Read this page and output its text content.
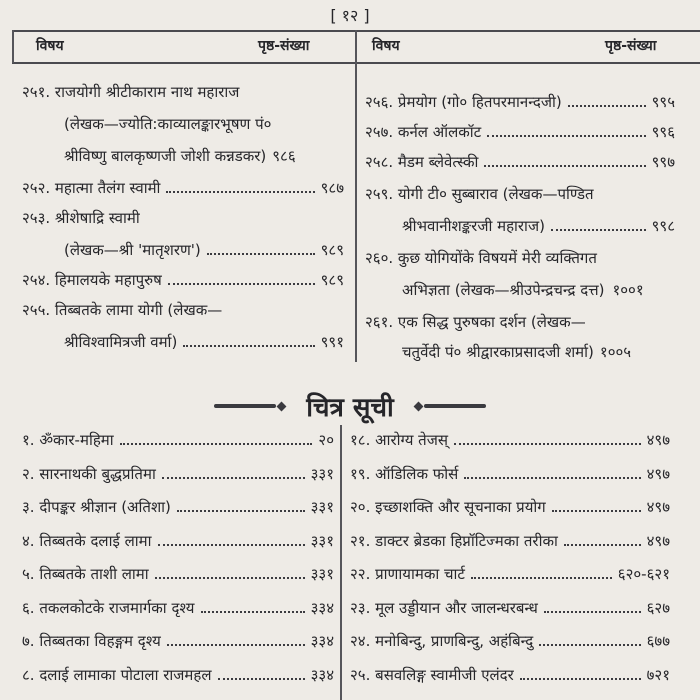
[ १२ ]
विषय	पृष्ठ-संख्या	विषय	पृष्ठ-संख्या
२५१. राजयोगी श्रीटीकाराम नाथ महाराज
(लेखक—ज्योति:काव्यालङ्कारभूषण पं०
श्रीविष्णु बालकृष्णजी जोशी कन्नडकर) ९८६
२५२. महात्मा तैलंग स्वामी	९८७
२५३. श्रीशेषाद्रि स्वामी
(लेखक—श्री 'मातृशरण')	९८९
२५४. हिमालयके महापुरुष	९८९
२५५. तिब्बतके लामा योगी (लेखक—
श्रीविश्वामित्रजी वर्मा)	९९१
२५६. प्रेमयोग (गो० हितपरमानन्दजी)	९९५
२५७. कर्नल ऑलकॉट	९९६
२५८. मैडम ब्लेवेत्स्की	९९७
२५९. योगी टी० सुब्बाराव (लेखक—पण्डित
श्रीभवानीशङ्करजी महाराज)	९९८
२६०. कुछ योगियोंके विषयमें मेरी व्यक्तिगत
अभिज्ञता (लेखक—श्रीउपेन्द्रचन्द्र दत्त) १००१
२६१. एक सिद्ध पुरुषका दर्शन (लेखक—
चतुर्वेदी पं० श्रीद्वारकाप्रसादजी शर्मा) १००५
चित्र सूची
१. ॐकार-महिमा	२०
२. सारनाथकी बुद्धप्रतिमा	३३१
३. दीपङ्कर श्रीज्ञान (अतिशा)	३३१
४. तिब्बतके दलाई लामा	३३१
५. तिब्बतके ताशी लामा	३३१
६. तकलकोटके राजमार्गका दृश्य	३३४
७. तिब्बतका विहङ्गम दृश्य	३३४
८. दलाई लामाका पोटाला राजमहल	३३४
१८. आरोग्य तेजस्	४९७
१९. ऑडिलिक फोर्स	४९७
२०. इच्छाशक्ति और सूचनाका प्रयोग	४९७
२१. डाक्टर ब्रेडका हिप्नॉटिज्मका तरीका	४९७
२२. प्राणायामका चार्ट	६२०-६२१
२३. मूल उड्डीयान और जालन्धरबन्ध	६२७
२४. मनोबिन्दु, प्राणबिन्दु, अहंबिन्दु	६७७
२५. बसवलिङ्ग स्वामीजी एलंदर	७२१
